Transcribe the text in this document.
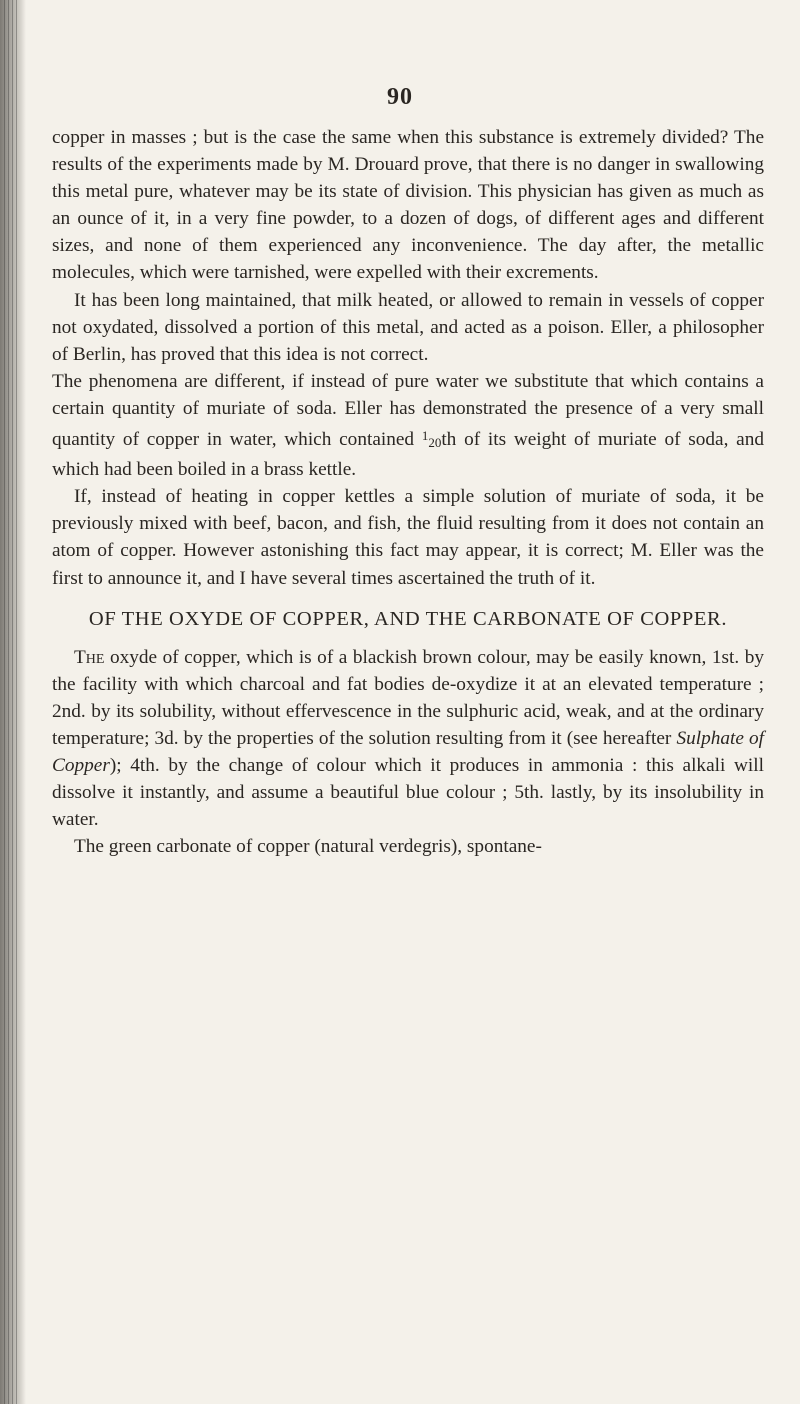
90

copper in masses ; but is the case the same when this substance is extremely divided? The results of the experiments made by M. Drouard prove, that there is no danger in swallowing this metal pure, whatever may be its state of division. This physician has given as much as an ounce of it, in a very fine powder, to a dozen of dogs, of different ages and different sizes, and none of them experienced any inconvenience. The day after, the metallic molecules, which were tarnished, were expelled with their excrements.

It has been long maintained, that milk heated, or allowed to remain in vessels of copper not oxydated, dissolved a portion of this metal, and acted as a poison. Eller, a philosopher of Berlin, has proved that this idea is not correct.

The phenomena are different, if instead of pure water we substitute that which contains a certain quantity of muriate of soda. Eller has demonstrated the presence of a very small quantity of copper in water, which contained $^1$20th of its weight of muriate of soda, and which had been boiled in a brass kettle.

If, instead of heating in copper kettles a simple solution of muriate of soda, it be previously mixed with beef, bacon, and fish, the fluid resulting from it does not contain an atom of copper. However astonishing this fact may appear, it is correct; M. Eller was the first to announce it, and I have several times ascertained the truth of it.

OF THE OXYDE OF COPPER, AND THE CARBONATE OF COPPER.

The oxyde of copper, which is of a blackish brown colour, may be easily known, 1st. by the facility with which charcoal and fat bodies de-oxydize it at an elevated temperature ; 2nd. by its solubility, without effervescence in the sulphuric acid, weak, and at the ordinary temperature; 3d. by the properties of the solution resulting from it (see hereafter Sulphate of Copper); 4th. by the change of colour which it produces in ammonia : this alkali will dissolve it instantly, and assume a beautiful blue colour ; 5th. lastly, by its insolubility in water.

The green carbonate of copper (natural verdegris), spontane-
